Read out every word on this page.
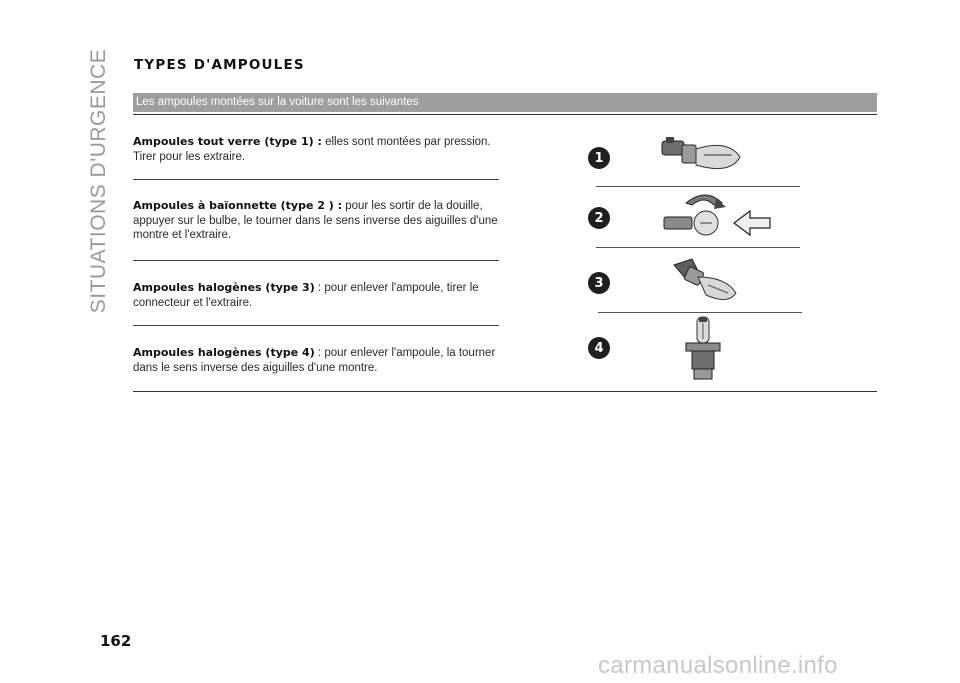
SITUATIONS D'URGENCE TYPES D'AMPOULES
Les ampoules montées sur la voiture sont les suivantes
Ampoules tout verre (type 1) : elles sont montées par pression. Tirer pour les extraire.
Ampoules à baïonnette (type 2 ) : pour les sortir de la douille, appuyer sur le bulbe, le tourner dans le sens inverse des aiguilles d'une montre et l'extraire.
Ampoules halogènes (type 3) : pour enlever l'ampoule, tirer le connecteur et l'extraire.
Ampoules halogènes (type 4) : pour enlever l'ampoule, la tourner dans le sens inverse des aiguilles d'une montre.
1
2
3
4
162
carmanualsonline.info
